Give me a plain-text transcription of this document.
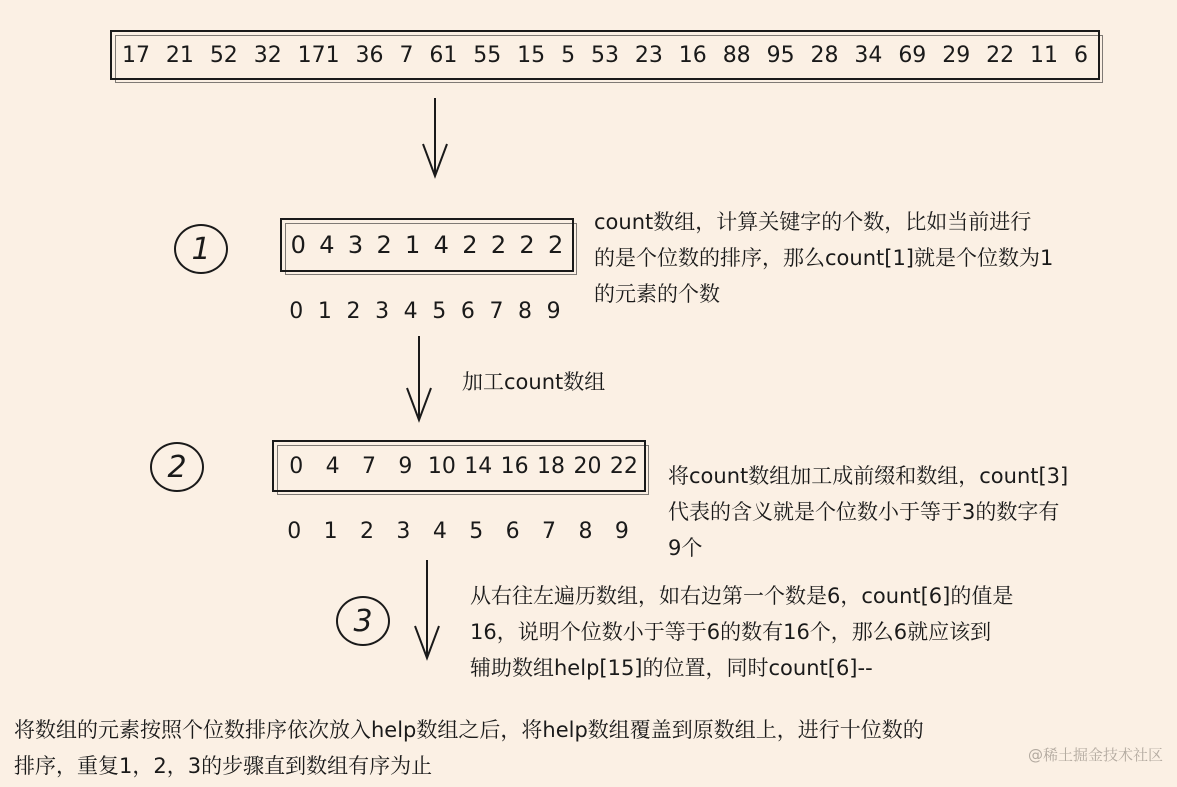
17 21 52 32 171 36 7 61 55 15 5 53 23 16 88 95 28 34 69 29 22 11 6
1	0 4 3 2 1 4 2 2 2 2
0 1 2 3 4 5 6 7 8 9
count数组，计算关键字的个数，比如当前进行
的是个位数的排序，那么count[1]就是个位数为1
的元素的个数
加工count数组
2	0	4	7	9 10 14 16 18 20 22
0	1	2	3	4	5	6	7	8	9
将count数组加工成前缀和数组，count[3]
代表的含义就是个位数小于等于3的数字有
9个
3
从右往左遍历数组，如右边第一个数是6，count[6]的值是
16，说明个位数小于等于6的数有16个，那么6就应该到
辅助数组help[15]的位置，同时count[6]--
将数组的元素按照个位数排序依次放入help数组之后，将help数组覆盖到原数组上，进行十位数的
排序，重复1，2，3的步骤直到数组有序为止	@稀土掘金技术社区
